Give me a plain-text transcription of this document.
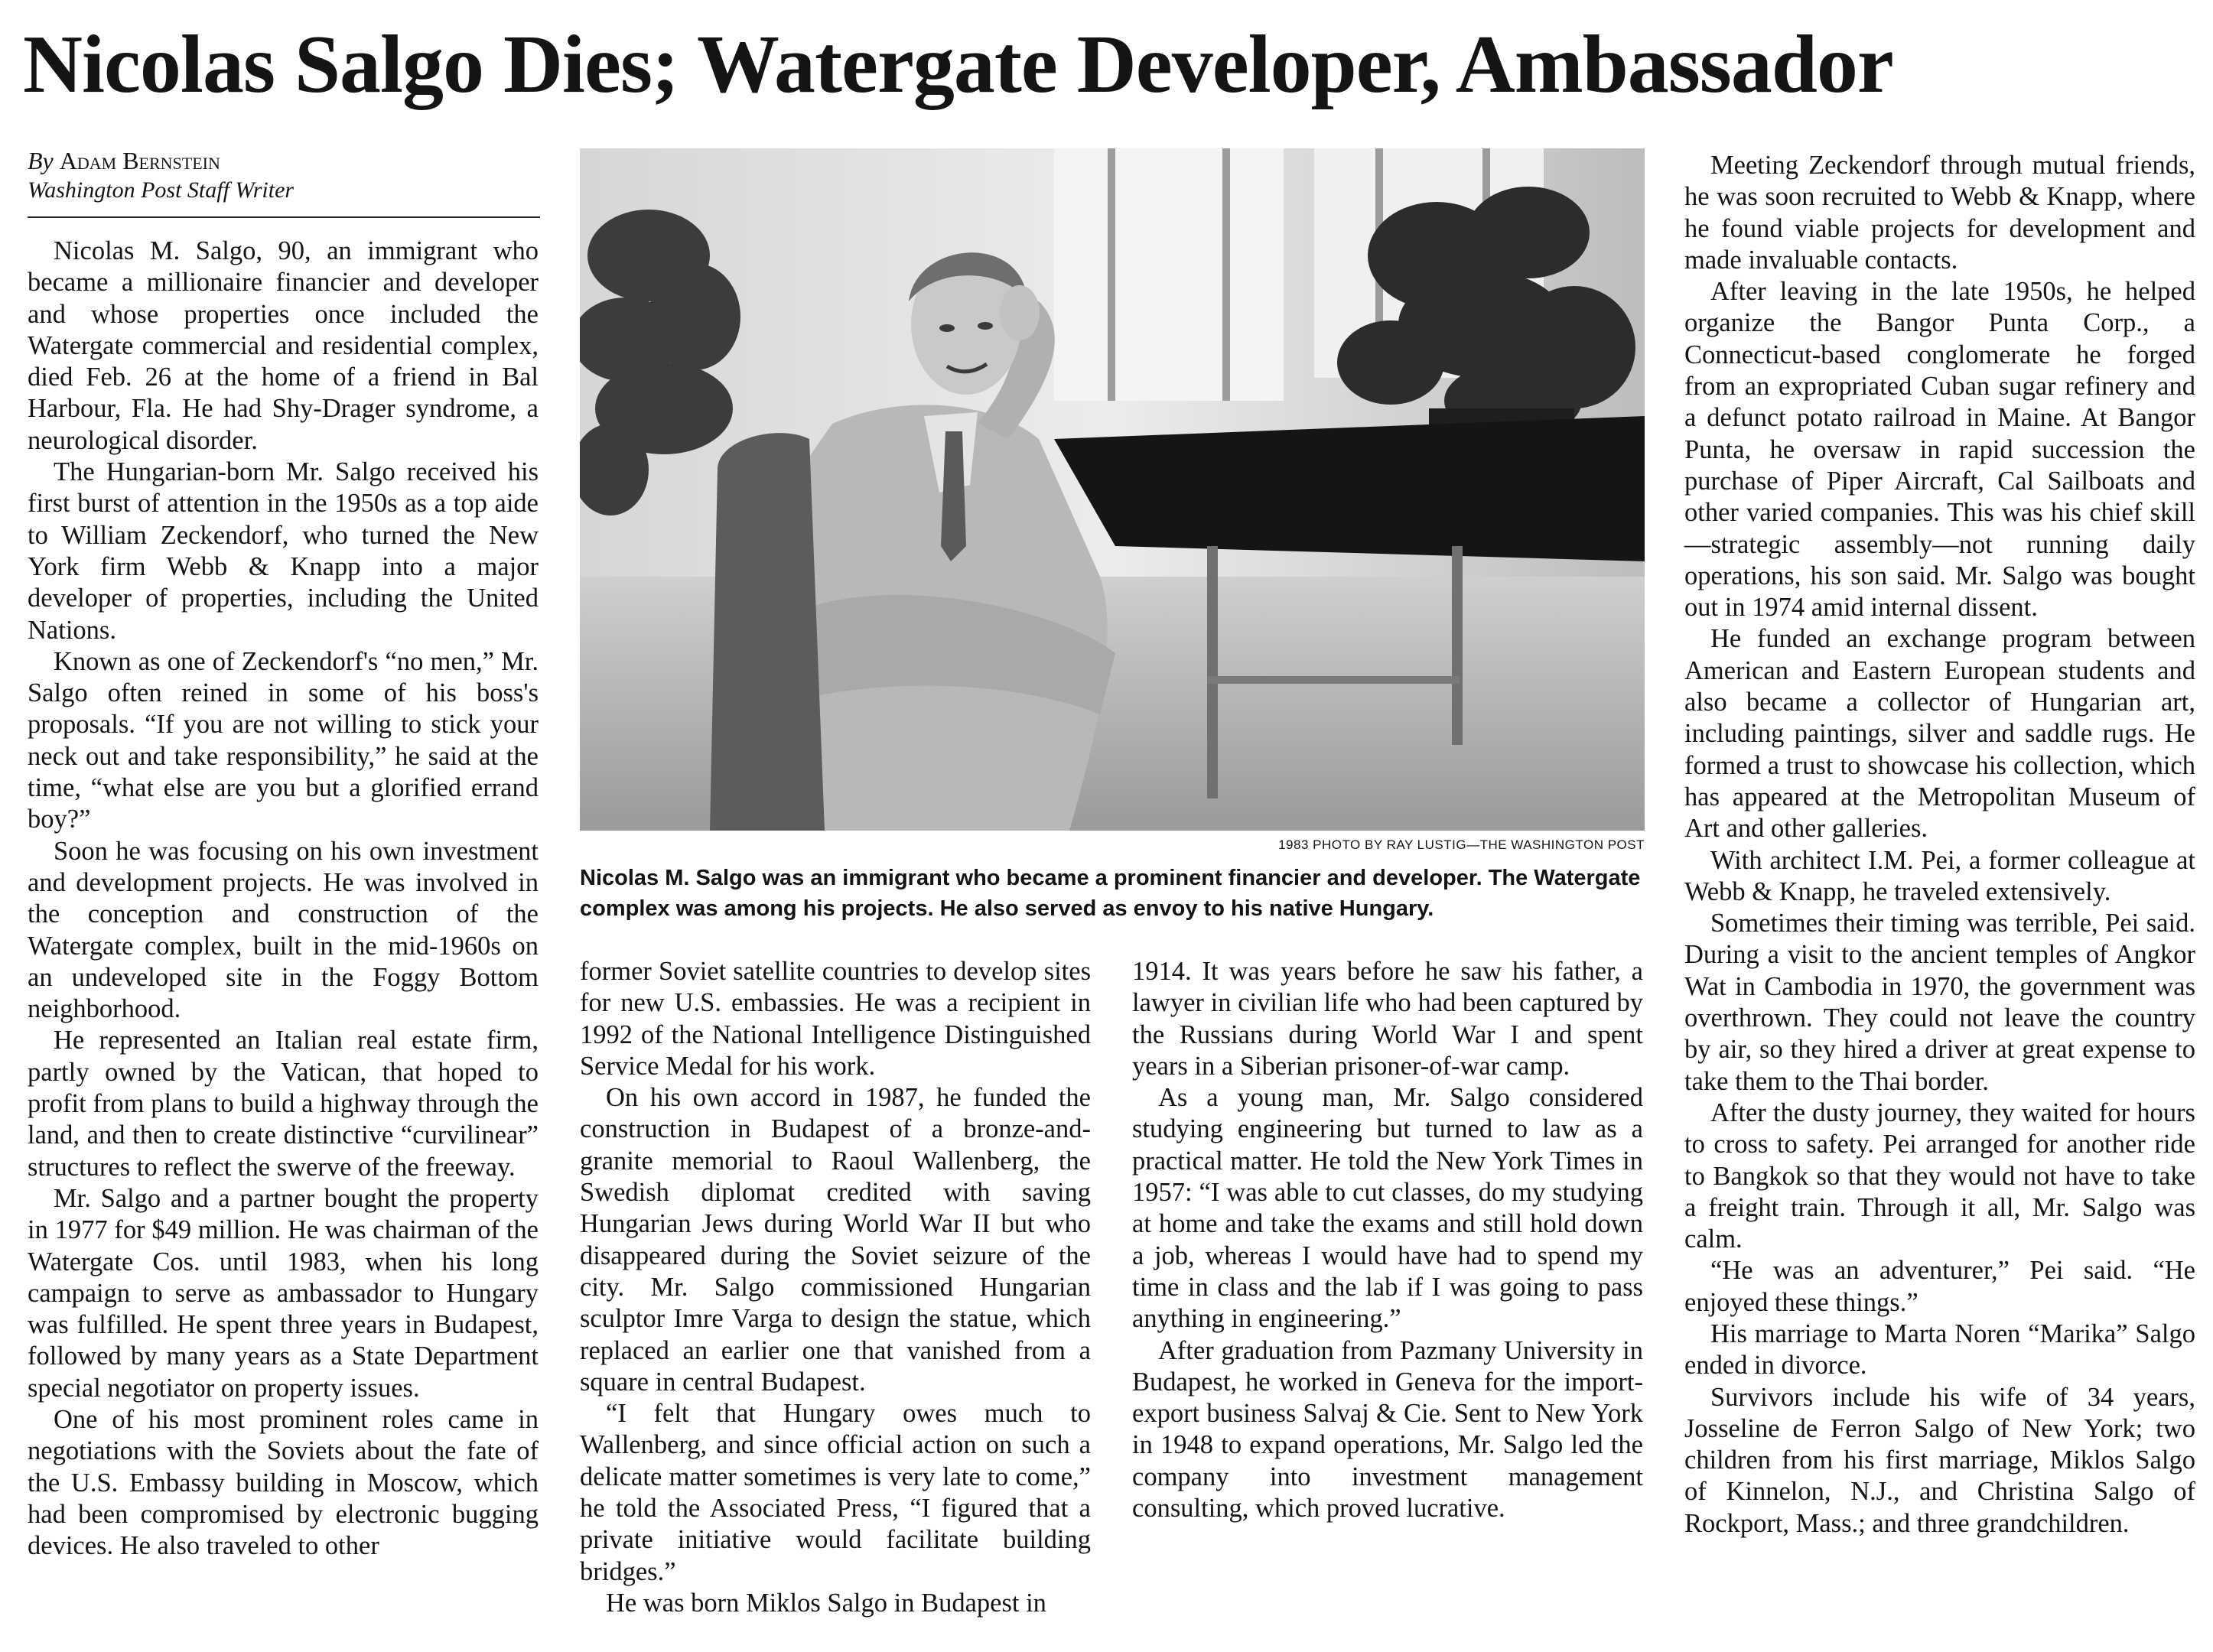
Nicolas Salgo Dies; Watergate Developer, Ambassador
By Adam Bernstein
Washington Post Staff Writer

Nicolas M. Salgo, 90, an immigrant who became a millionaire financier and developer and whose properties once included the Watergate commercial and residential complex, died Feb. 26 at the home of a friend in Bal Harbour, Fla. He had Shy-Drager syndrome, a neurological disorder.

The Hungarian-born Mr. Salgo received his first burst of attention in the 1950s as a top aide to William Zeckendorf, who turned the New York firm Webb & Knapp into a major developer of properties, including the United Nations.

Known as one of Zeckendorf's “no men,” Mr. Salgo often reined in some of his boss's proposals. “If you are not willing to stick your neck out and take responsibility,” he said at the time, “what else are you but a glorified errand boy?”

Soon he was focusing on his own investment and development projects. He was involved in the conception and construction of the Watergate complex, built in the mid-1960s on an undeveloped site in the Foggy Bottom neighborhood.

He represented an Italian real estate firm, partly owned by the Vatican, that hoped to profit from plans to build a highway through the land, and then to create distinctive “curvilinear” structures to reflect the swerve of the freeway.

Mr. Salgo and a partner bought the property in 1977 for $49 million. He was chairman of the Watergate Cos. until 1983, when his long campaign to serve as ambassador to Hungary was fulfilled. He spent three years in Budapest, followed by many years as a State Department special negotiator on property issues.

One of his most prominent roles came in negotiations with the Soviets about the fate of the U.S. Embassy building in Moscow, which had been compromised by electronic bugging devices. He also traveled to other

1983 PHOTO BY RAY LUSTIG—THE WASHINGTON POST
Nicolas M. Salgo was an immigrant who became a prominent financier and developer. The Watergate complex was among his projects. He also served as envoy to his native Hungary.

former Soviet satellite countries to develop sites for new U.S. embassies. He was a recipient in 1992 of the National Intelligence Distinguished Service Medal for his work.

On his own accord in 1987, he funded the construction in Budapest of a bronze-and-granite memorial to Raoul Wallenberg, the Swedish diplomat credited with saving Hungarian Jews during World War II but who disappeared during the Soviet seizure of the city. Mr. Salgo commissioned Hungarian sculptor Imre Varga to design the statue, which replaced an earlier one that vanished from a square in central Budapest.

“I felt that Hungary owes much to Wallenberg, and since official action on such a delicate matter sometimes is very late to come,” he told the Associated Press, “I figured that a private initiative would facilitate building bridges.”

He was born Miklos Salgo in Budapest in

1914. It was years before he saw his father, a lawyer in civilian life who had been captured by the Russians during World War I and spent years in a Siberian prisoner-of-war camp.

As a young man, Mr. Salgo considered studying engineering but turned to law as a practical matter. He told the New York Times in 1957: “I was able to cut classes, do my studying at home and take the exams and still hold down a job, whereas I would have had to spend my time in class and the lab if I was going to pass anything in engineering.”

After graduation from Pazmany University in Budapest, he worked in Geneva for the import-export business Salvaj & Cie. Sent to New York in 1948 to expand operations, Mr. Salgo led the company into investment management consulting, which proved lucrative.

Meeting Zeckendorf through mutual friends, he was soon recruited to Webb & Knapp, where he found viable projects for development and made invaluable contacts.

After leaving in the late 1950s, he helped organize the Bangor Punta Corp., a Connecticut-based conglomerate he forged from an expropriated Cuban sugar refinery and a defunct potato railroad in Maine. At Bangor Punta, he oversaw in rapid succession the purchase of Piper Aircraft, Cal Sailboats and other varied companies. This was his chief skill—strategic assembly—not running daily operations, his son said. Mr. Salgo was bought out in 1974 amid internal dissent.

He funded an exchange program between American and Eastern European students and also became a collector of Hungarian art, including paintings, silver and saddle rugs. He formed a trust to showcase his collection, which has appeared at the Metropolitan Museum of Art and other galleries.

With architect I.M. Pei, a former colleague at Webb & Knapp, he traveled extensively.

Sometimes their timing was terrible, Pei said. During a visit to the ancient temples of Angkor Wat in Cambodia in 1970, the government was overthrown. They could not leave the country by air, so they hired a driver at great expense to take them to the Thai border.

After the dusty journey, they waited for hours to cross to safety. Pei arranged for another ride to Bangkok so that they would not have to take a freight train. Through it all, Mr. Salgo was calm.

“He was an adventurer,” Pei said. “He enjoyed these things.”

His marriage to Marta Noren “Marika” Salgo ended in divorce.

Survivors include his wife of 34 years, Josseline de Ferron Salgo of New York; two children from his first marriage, Miklos Salgo of Kinnelon, N.J., and Christina Salgo of Rockport, Mass.; and three grandchildren.
